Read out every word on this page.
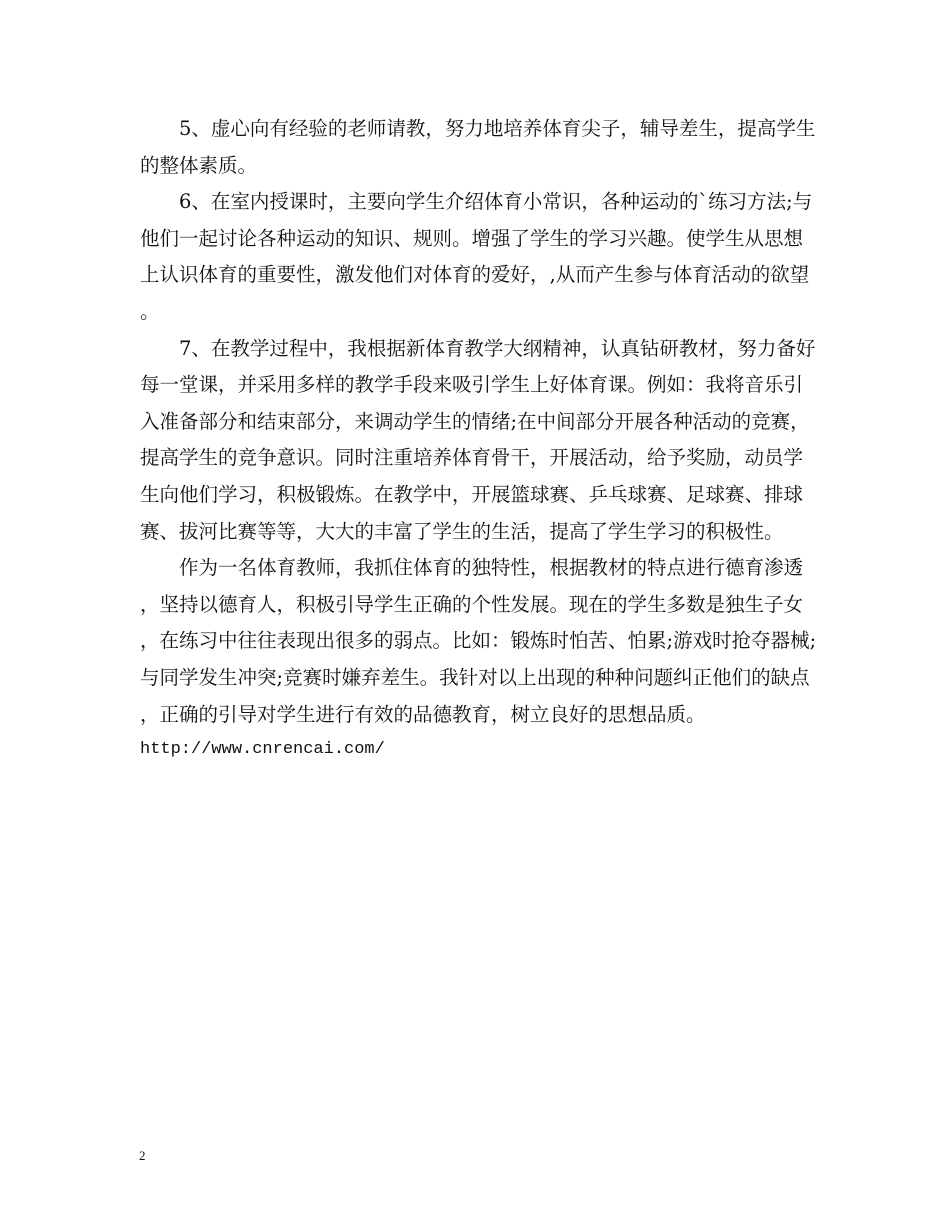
5、虚心向有经验的老师请教，努力地培养体育尖子，辅导差生，提高学生的整体素质。

6、在室内授课时，主要向学生介绍体育小常识，各种运动的`练习方法;与他们一起讨论各种运动的知识、规则。增强了学生的学习兴趣。使学生从思想上认识体育的重要性，激发他们对体育的爱好，,从而产生参与体育活动的欲望。

7、在教学过程中，我根据新体育教学大纲精神，认真钻研教材，努力备好每一堂课，并采用多样的教学手段来吸引学生上好体育课。例如：我将音乐引入准备部分和结束部分，来调动学生的情绪;在中间部分开展各种活动的竞赛，提高学生的竞争意识。同时注重培养体育骨干，开展活动，给予奖励，动员学生向他们学习，积极锻炼。在教学中，开展篮球赛、乒乓球赛、足球赛、排球赛、拔河比赛等等，大大的丰富了学生的生活，提高了学生学习的积极性。

作为一名体育教师，我抓住体育的独特性，根据教材的特点进行德育渗透，坚持以德育人，积极引导学生正确的个性发展。现在的学生多数是独生子女，在练习中往往表现出很多的弱点。比如：锻炼时怕苦、怕累;游戏时抢夺器械;与同学发生冲突;竞赛时嫌弃差生。我针对以上出现的种种问题纠正他们的缺点，正确的引导对学生进行有效的品德教育，树立良好的思想品质。

http://www.cnrencai.com/

2
